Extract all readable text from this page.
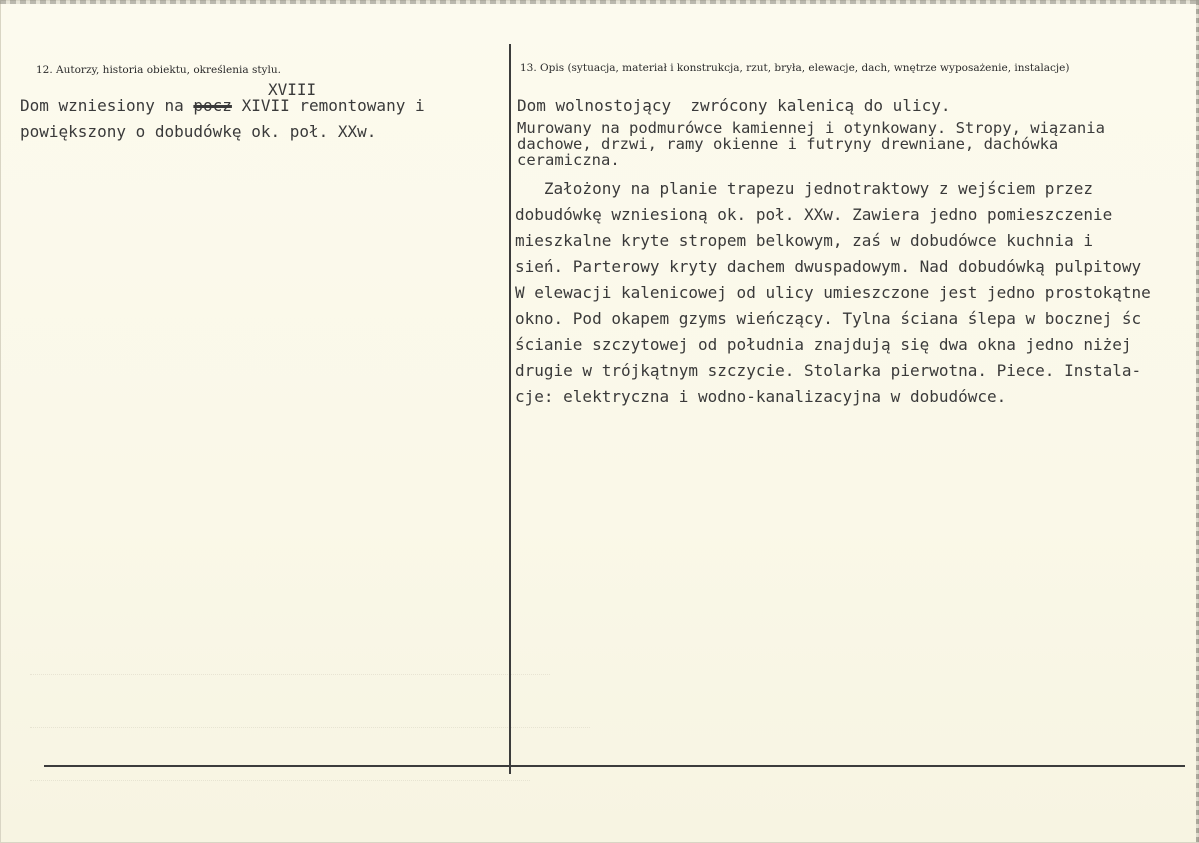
12. Autorzy, historia obiektu, określenia stylu.
XVIII
Dom wzniesiony na pocz XIVII remontowany i
powiększony o dobudówkę ok. poł. XXw.
13. Opis (sytuacja, materiał i konstrukcja, rzut, bryła, elewacje, dach, wnętrze wyposażenie, instalacje)
Dom wolnostojący  zwrócony kalenicą do ulicy.
Murowany na podmurówce kamiennej i otynkowany. Stropy, wiązania
dachowe, drzwi, ramy okienne i futryny drewniane, dachówka
ceramiczna.
Założony na planie trapezu jednotraktowy z wejściem przez
dobudówkę wzniesioną ok. poł. XXw. Zawiera jedno pomieszczenie
mieszkalne kryte stropem belkowym, zaś w dobudówce kuchnia i
sień. Parterowy kryty dachem dwuspadowym. Nad dobudówką pulpitowy
W elewacji kalenicowej od ulicy umieszczone jest jedno prostokątne
okno. Pod okapem gzyms wieńczący. Tylna ściana ślepa w bocznej śc
ścianie szczytowej od południa znajdują się dwa okna jedno niżej
drugie w trójkątnym szczycie. Stolarka pierwotna. Piece. Instala-
cje: elektryczna i wodno-kanalizacyjna w dobudówce.
